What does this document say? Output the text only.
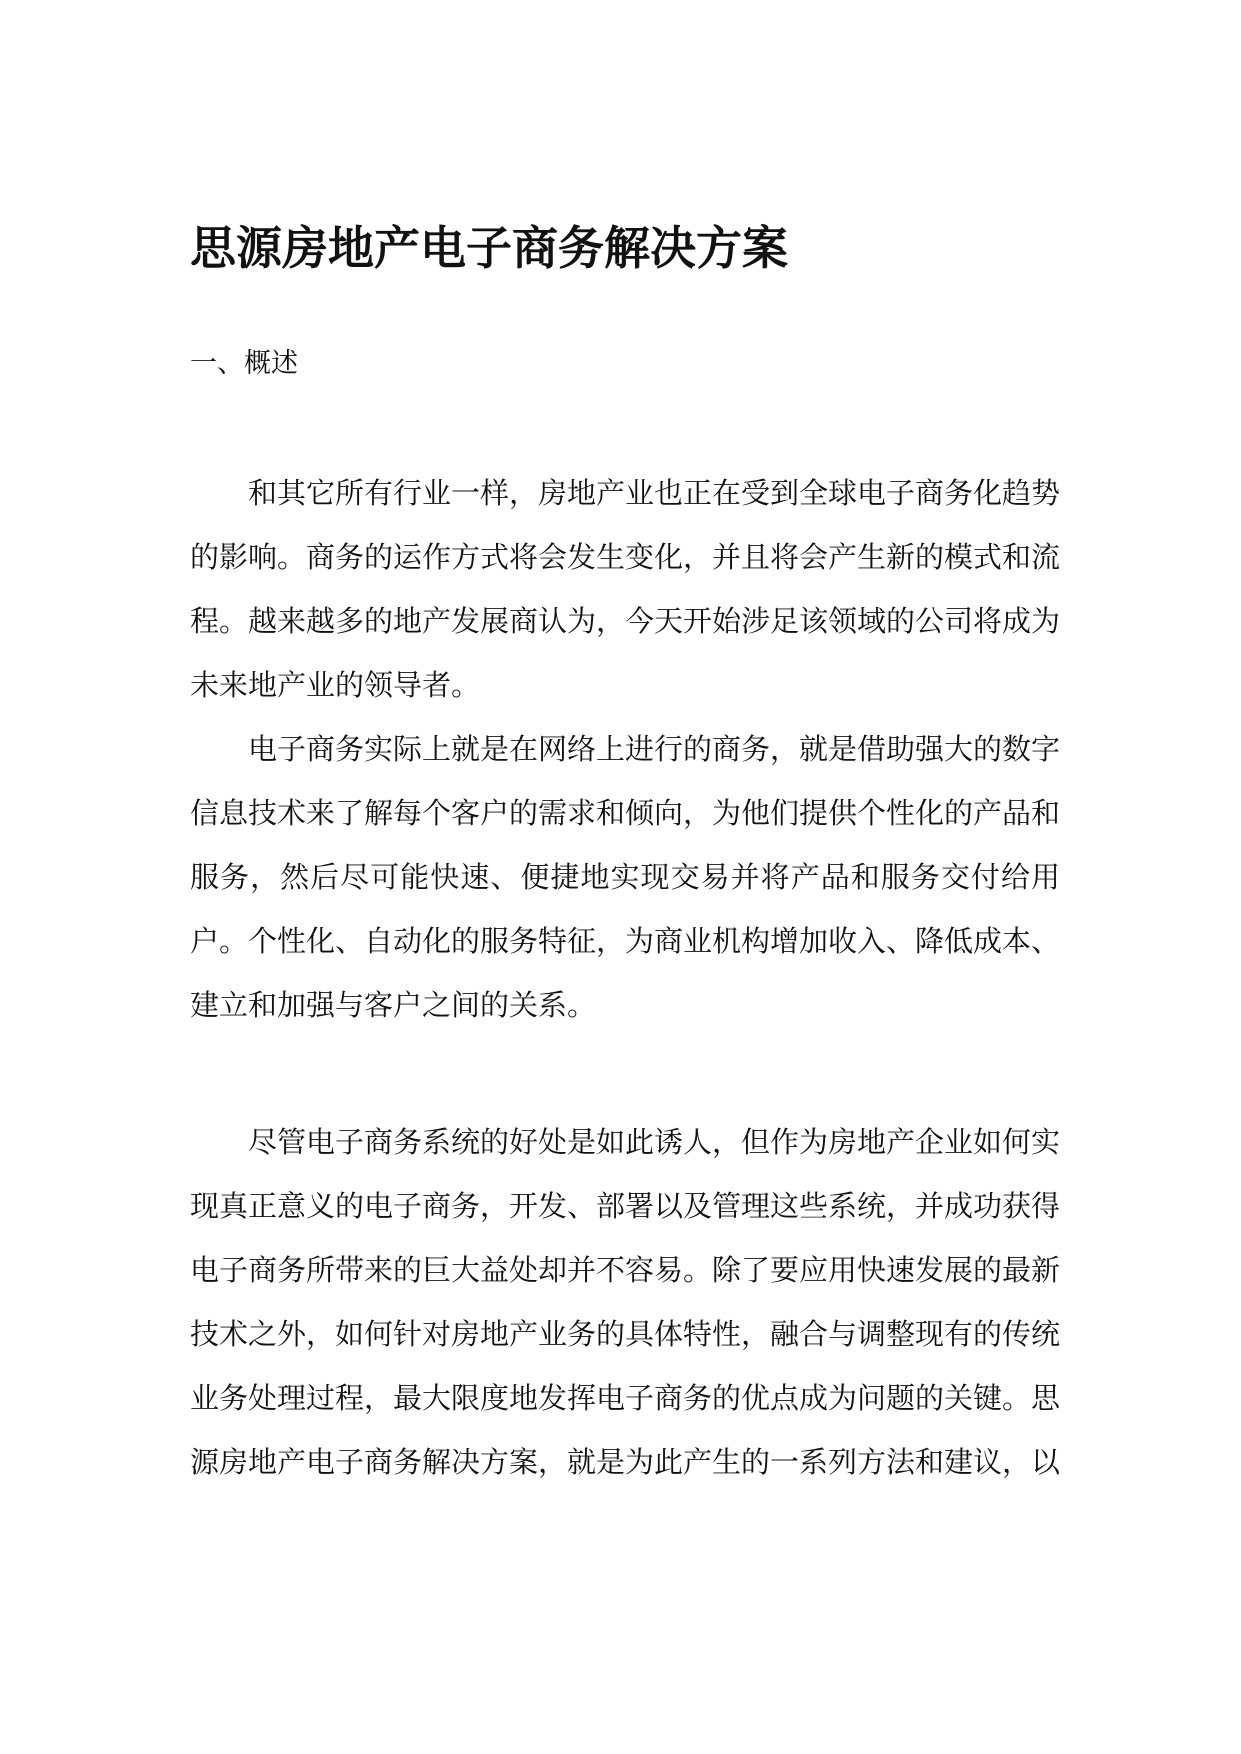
思源房地产电子商务解决方案
一、概述

和其它所有行业一样，房地产业也正在受到全球电子商务化趋势的影响。商务的运作方式将会发生变化，并且将会产生新的模式和流程。越来越多的地产发展商认为，今天开始涉足该领域的公司将成为未来地产业的领导者。

电子商务实际上就是在网络上进行的商务，就是借助强大的数字信息技术来了解每个客户的需求和倾向，为他们提供个性化的产品和服务，然后尽可能快速、便捷地实现交易并将产品和服务交付给用户。个性化、自动化的服务特征，为商业机构增加收入、降低成本、建立和加强与客户之间的关系。

尽管电子商务系统的好处是如此诱人，但作为房地产企业如何实现真正意义的电子商务，开发、部署以及管理这些系统，并成功获得电子商务所带来的巨大益处却并不容易。除了要应用快速发展的最新技术之外，如何针对房地产业务的具体特性，融合与调整现有的传统业务处理过程，最大限度地发挥电子商务的优点成为问题的关键。思源房地产电子商务解决方案，就是为此产生的一系列方法和建议，以
